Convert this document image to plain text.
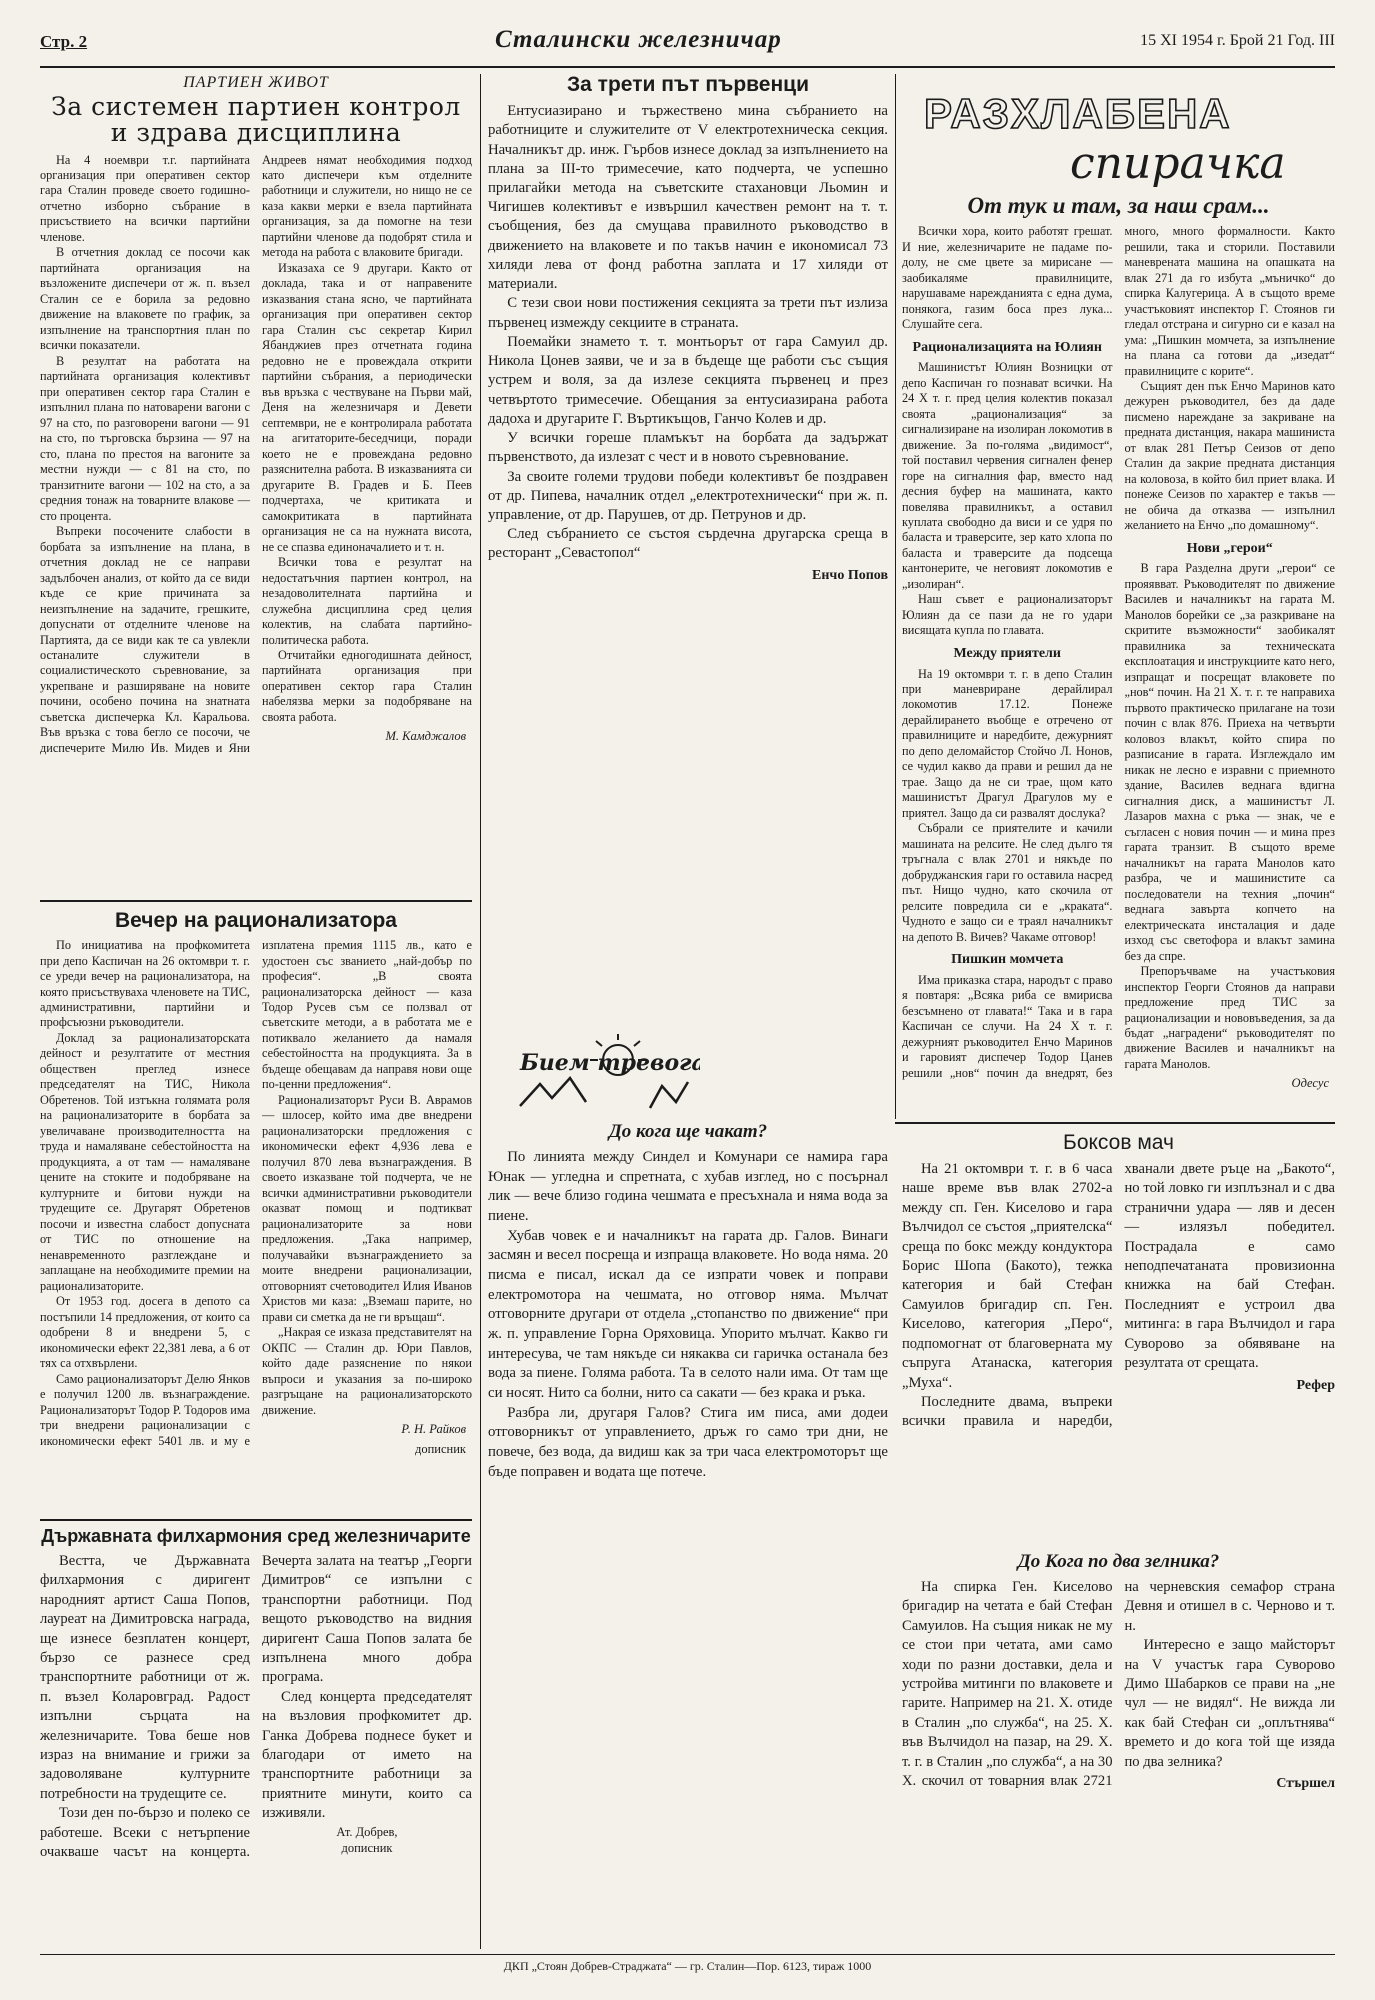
Стр. 2	Сталински железничар	15 XI 1954 г. Брой 21 Год. III
ПАРТИЕН ЖИВОТ
За системен партиен контрол и здрава дисциплина

На 4 ноември т.г. партийната организация при оперативен сектор гара Сталин проведе своето годишно-отчетно изборно събрание в присъствието на всички партийни членове.

В отчетния доклад се посочи как партийната организация на възложените диспечери от ж. п. възел Сталин се е борила за редовно движение на влаковете по график, за изпълнение на транспортния план по всички показатели.

В резултат на работата на партийната организация колективът при оперативен сектор гара Сталин е изпълнил плана по натоварени вагони с 97 на сто, по разговорени вагони — 91 на сто, по търговска бързина — 97 на сто, плана по престоя на вагоните за местни нужди — с 81 на сто, по транзитните вагони — 102 на сто, а за средния тонаж на товарните влакове — сто процента.

Въпреки посочените слабости в борбата за изпълнение на плана, в отчетния доклад не се направи задълбочен анализ, от който да се види къде се крие причината за неизпълнение на задачите, грешките, допуснати от отделните членове на Партията, да се види как те са увлекли останалите служители в социалистическото съревнование, за укрепване и разширяване на новите почини, особено почина на знатната съветска диспечерка Кл. Каральова. Във връзка с това бегло се посочи, че диспечерите Милю Ив. Мидев и Яни Андреев нямат необходимия подход като диспечери към отделните работници и служители, но нищо не се каза какви мерки е взела партийната организация, за да помогне на тези партийни членове да подобрят стила и метода на работа с влаковите бригади.

Изказаха се 9 другари. Както от доклада, така и от направените изказвания стана ясно, че партийната организация при оперативен сектор гара Сталин със секретар Кирил Ябанджиев през отчетната година редовно не е провеждала открити партийни събрания, а периодически във връзка с чествуване на Първи май, Деня на железничаря и Девети септември, не е контролирала работата на агитаторите-беседчици, поради което не е провеждана редовно разяснителна работа. В изказванията си другарите В. Градев и Б. Пеев подчертаха, че критиката и самокритиката в партийната организация не са на нужната висота, не се спазва единоначалието и т. н.

Всички това е резултат на недостатъчния партиен контрол, на незадоволителната партийна и служебна дисциплина сред целия колектив, на слабата партийно-политическа работа.

Отчитайки едногодишната дейност, партийната организация при оперативен сектор гара Сталин набелязва мерки за подобряване на своята работа.

М. Камджалов
Вечер на рационализатора

По инициатива на профкомитета при депо Каспичан на 26 октомври т. г. се уреди вечер на рационализатора, на която присъствуваха членовете на ТИС, административни, партийни и профсъюзни ръководители.

Доклад за рационализаторската дейност и резултатите от местния обществен преглед изнесе председателят на ТИС, Никола Обретенов. Той изтъкна голямата роля на рационализаторите в борбата за увеличаване производителността на труда и намаляване себестойността на продукцията, а от там — намаляване цените на стоките и подобряване на културните и битови нужди на трудещите се. Другарят Обретенов посочи и известна слабост допусната от ТИС по отношение на ненавременното разглеждане и заплащане на необходимите премии на рационализаторите.

От 1953 год. досега в депото са постъпили 14 предложения, от които са одобрени 8 и внедрени 5, с икономически ефект 22,381 лева, а 6 от тях са отхвърлени.

Само рационализаторът Делю Янков е получил 1200 лв. възнаграждение. Рационализаторът Тодор Р. Тодоров има три внедрени рационализации с икономически ефект 5401 лв. и му е изплатена премия 1115 лв., като е удостоен със званието „най-добър по професия“. „В своята рационализаторска дейност — каза Тодор Русев съм се ползвал от съветските методи, а в работата ме е потиквало желанието да намаля себестойността на продукцията. За в бъдеще обещавам да направя нови още по-ценни предложения“.

Рационализаторът Руси В. Аврамов — шлосер, който има две внедрени рационализаторски предложения с икономически ефект 4,936 лева е получил 870 лева възнаграждения. В своето изказване той подчерта, че не всички административни ръководители оказват помощ и подтикват рационализаторите за нови предложения. „Така например, получавайки възнаграждението за моите внедрени рационализации, отговорният счетоводител Илия Иванов Христов ми каза: „Вземаш парите, но прави си сметка да не ги връщаш“.

„Накрая се изказа представителят на ОКПС — Сталин др. Юри Павлов, който даде разяснение по някои въпроси и указания за по-широко разгръщане на рационализаторското движение.

Р. Н. Райков
дописник
Държавната филхармония сред железничарите

Вестта, че Държавната филхармония с диригент народният артист Саша Попов, лауреат на Димитровска награда, ще изнесе безплатен концерт, бързо се разнесе сред транспортните работници от ж. п. възел Коларовград. Радост изпълни сърцата на железничарите. Това беше нов израз на внимание и грижи за задоволяване културните потребности на трудещите се.

Този ден по-бързо и полеко се работеше. Всеки с нетърпение очакваше часът на концерта. Вечерта залата на театър „Георги Димитров“ се изпълни с транспортни работници. Под вещото ръководство на видния диригент Саша Попов залата бе изпълнена много добра програма.

След концерта председателят на възловия профкомитет др. Ганка Добрева поднесе букет и благодари от името на транспортните работници за приятните минути, които са изживяли.

Ат. Добрев,
дописник
За трети път първенци

Ентусиазирано и тържествено мина събранието на работниците и служителите от V електротехническа секция. Началникът др. инж. Гърбов изнесе доклад за изпълнението на плана за III-то тримесечие, като подчерта, че успешно прилагайки метода на съветските стахановци Льомин и Чигишев колективът е извършил качествен ремонт на т. т. съобщения, без да смущава правилното ръководство в движението на влаковете и по такъв начин е икономисал 73 хиляди лева от фонд работна заплата и 17 хиляди от материали.

С тези свои нови постижения секцията за трети път излиза първенец измежду секциите в страната.

Поемайки знамето т. т. монтьорът от гара Самуил др. Никола Цонев заяви, че и за в бъдеще ще работи със същия устрем и воля, за да излезе секцията първенец и през четвъртото тримесечие. Обещания за ентусиазирана работа дадоха и другарите Г. Въртикъщов, Ганчо Колев и др.

У всички гореше пламъкът на борбата да задържат първенството, да излезат с чест и в новото съревнование.

За своите големи трудови победи колективът бе поздравен от др. Пипева, началник отдел „електротехнически“ при ж. п. управление, от др. Парушев, от др. Петрунов и др.

След събранието се състоя сърдечна другарска среща в ресторант „Севастопол“

Енчо Попов
Бием тревога
До кога ще чакат?

По линията между Синдел и Комунари се намира гара Юнак — угледна и спретната, с хубав изглед, но с посърнал лик — вече близо година чешмата е пресъхнала и няма вода за пиене.

Хубав човек е и началникът на гарата др. Галов. Винаги засмян и весел посреща и изпраща влаковете. Но вода няма. 20 писма е писал, искал да се изпрати човек и поправи електромотора на чешмата, но отговор няма. Мълчат отговорните другари от отдела „стопанство по движение“ при ж. п. управление Горна Оряховица. Упорито мълчат. Какво ги интересува, че там някъде си някаква си гаричка останала без вода за пиене. Голяма работа. Та в селото нали има. От там ще си носят. Нито са болни, нито са сакати — без крака и ръка.

Разбра ли, другаря Галов? Стига им писа, ами додеи отговорникът от управлението, дръж го само три дни, не повече, без вода, да видиш как за три часа електромоторът ще бъде поправен и водата ще потече.

РАЗХЛАБЕНА
спирачка
От тук и там, за наш срам...

Всички хора, които работят грешат. И ние, железничарите не падаме по-долу, не сме цвете за мирисане — зaобикаляме правилниците, нарушаваме нарежданията с една дума, понякога, газим боса през лука... Слушайте сега.

Рационализацията на Юлиян

Машинистът Юлиян Возницки от депо Каспичан го познават всички. На 24 X т. г. пред целия колектив показал своята „рационализация“ за сигнализиране на изолиран локомотив в движение. За по-голяма „видимост“, той поставил червения сигнален фенер горе на сигналния фар, вместо над десния буфер на машината, както повелява правилникът, а оставил куплата свободно да виси и се удря по баласта и траверсите, зер като хлопа по баласта и траверсите да подсеща кантонерите, че неговият локомотив е „изолиран“.

Наш съвет е рационализаторът Юлиян да се пази да не го удари висящата купла по главата.

Между приятели

На 19 октомври т. г. в депо Сталин при маневриране дерайлирал локомотив 17.12. Понеже дерайлирането въобще е отречено от правилниците и нарeдбите, дежурният по депо деломайстор Стойчо Л. Нонов, се чудил какво да прави и решил да не трае. Защо да не си трае, щом като машинистът Драгул Драгулов му е приятел. Защо да си развалят дослука?

Събрали се приятелите и качили машината на релсите. Не след дълго тя тръгнала с влак 2701 и някъде по добруджанския гари го оставила насред път. Нищо чудно, като скочила от релсите повредила си е „краката“. Чудното е защо си е траял началникът на депото В. Вичев? Чакаме отговор!

Пишкин момчета

Има приказка стара, народът с право я повтаря: „Всяка риба се вмирисва безсъмнено от главата!“ Така и в гара Каспичан се случи. На 24 X т. г. дежурният ръководител Енчо Маринов и гаровият диспечер Тодор Цанев решили „нов“ почин да внедрят, без много, много формалности. Както решили, така и сторили. Поставили маневрената машина на опашката на влак 271 да го избута „мъничко“ до спирка Калугерица. А в същото време участъковият инспектор Г. Стоянов ги гледал отстрана и сигурно си е казал на ума: „Пишкин момчета, за изпълнение на плана са готови да „изедат“ правилниците с корите“.

Същият ден пък Енчо Маринов като дежурен ръководител, без да даде писмено нареждане за закриване на предната дистанция, накара машиниста от влак 281 Петър Сеизов от депо Сталин да закрие предната дистанция на коловоза, в който бил приет влака. И понеже Сеизов по характер е такъв — не обича да отказва — изпълнил желанието на Енчо „по домашному“.

Нови „герои“

В гара Разделна други „герои“ се прояявват. Ръководителят по движение Василев и началникът на гарата М. Манолов борейки се „за разкриване на скритите възможности“ заобикалят правилника за техническата експлоатация и инструкциите като него, изпращат и посрещат влаковете по „нов“ почин. На 21 X. т. г. те направиха първото практическо прилагане на този почин с влак 876. Приеха на четвърти коловоз влакът, който спира по разписание в гарата. Изглеждало им никак не лесно е изравни с приемното здание, Василев веднага вдигна сигналния диск, а машинистът Л. Лазаров махна с ръка — знак, че е съгласен с новия почин — и мина през гарата транзит. В същото време началникът на гарата Манолов като разбра, че и машинистите са последователи на техния „почин“ веднага завърта копчето на електрическата инсталация и даде изход със светофора и влакът замина без да спре.

Препоръчваме на участъковия инспектор Георги Стоянов да направи предложение пред ТИС за рационализации и нововъведения, за да бъдат „наградени“ ръководителят по движение Василев и началникът на гарата Манолов.

Одесус
Боксов мач

На 21 октомври т. г. в 6 часа наше време във влак 2702-а между сп. Ген. Киселово и гара Вълчидол се състоя „приятелска“ среща по бокс между кондуктора Борис Шопа (Бакото), тежка категория и бай Стефан Самуилов бригадир сп. Ген. Киселово, категория „Перо“, подпомогнат от благоверната му съпруга Атанаска, категория „Муха“.

Последните двама, въпреки всички правила и наредби, хванали двете ръце на „Бакото“, но той ловко ги изплъзнал и с два странични удара — ляв и десен — излязъл победител. Пострадала е само неподпечатаната провизионна книжка на бай Стефан. Последният е устроил два митинга: в гара Вълчидол и гара Суворово за обявяване на резултата от срещата.

Рефер
До Кога по два зелника?

На спирка Ген. Киселово бригадир на четата е бай Стефан Самуилов. На същия никак не му се стои при четата, ами само ходи по разни доставки, дела и устройва митинги по влаковете и гарите. Например на 21. Х. отиде в Сталин „по служба“, на 25. X. във Вълчидол на пазар, на 29. Х. т. г. в Сталин „по служба“, а на 30 Х. скочил от товарния влак 2721 на черневския семафор страна Девня и отишел в с. Черново и т. н.

Интересно е защо майсторът на V участък гара Суворово Димо Шабарков се прави на „не чул — не видял“. Не вижда ли как бай Стефан си „оплътнява“ времето и до кога той ще изяда по два зелника?

Стършел
ДКП „Стоян Добрев-Страджата“ — гр. Сталин—Пор. 6123, тираж 1000
